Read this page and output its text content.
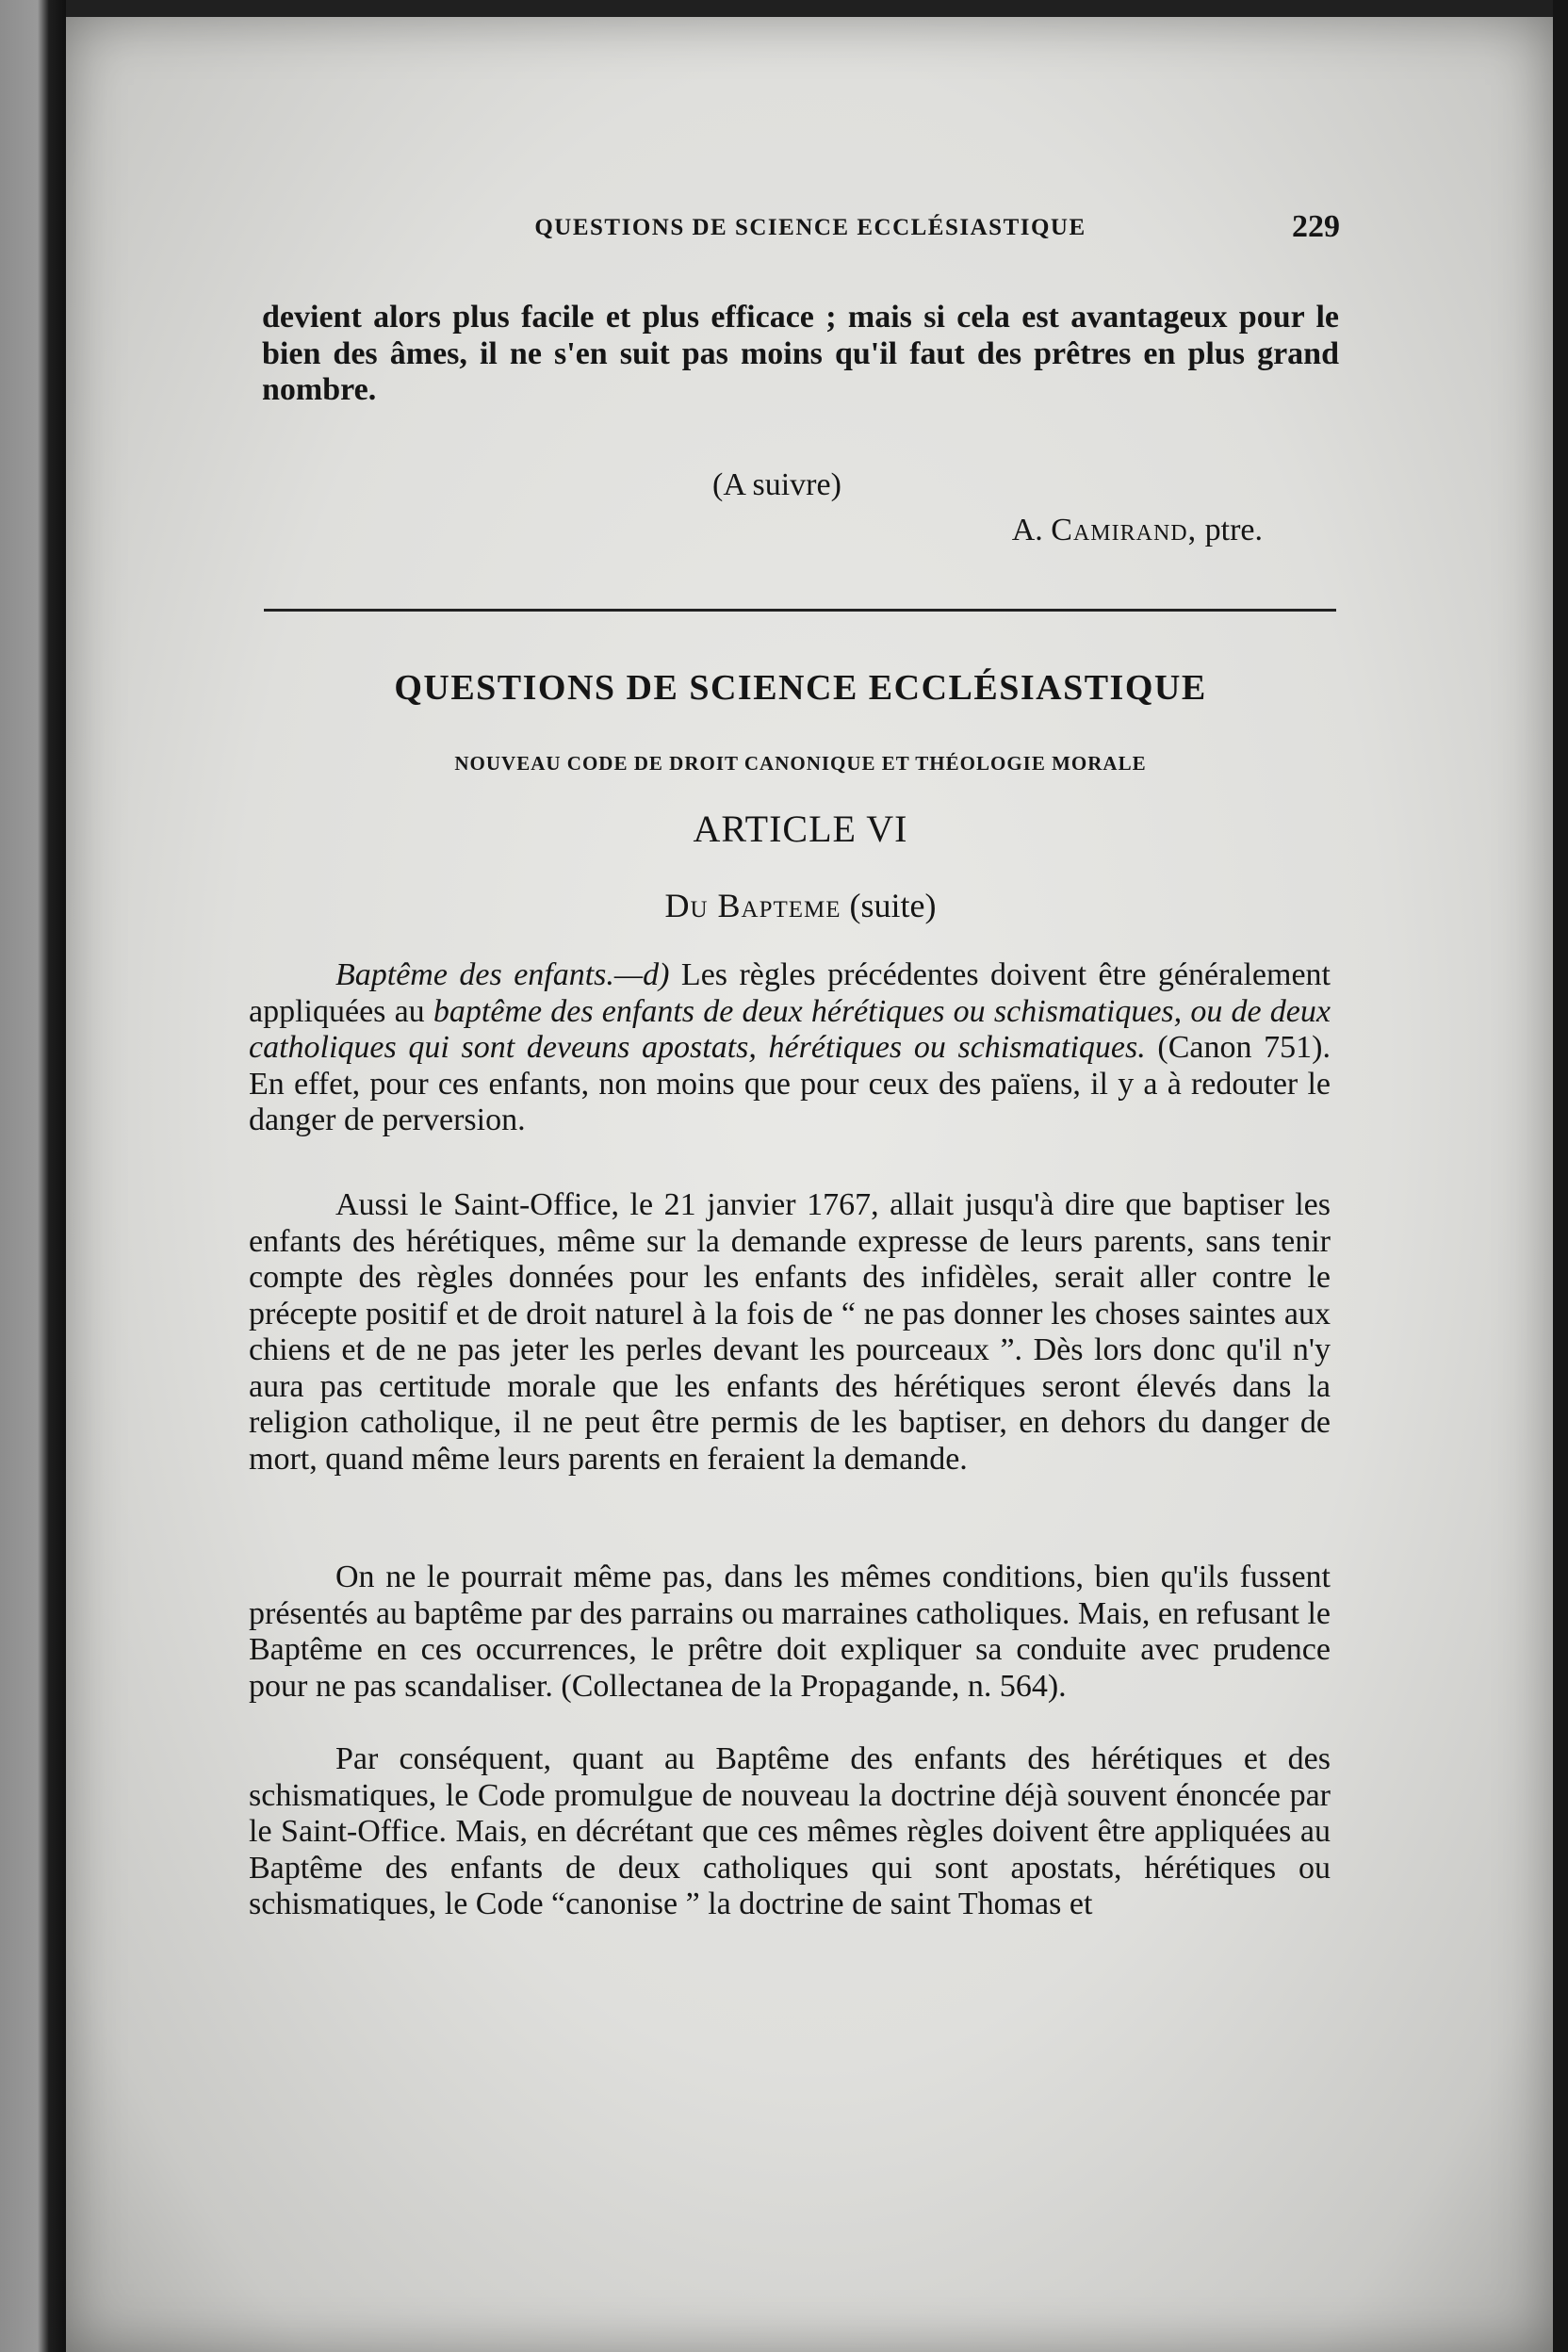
QUESTIONS DE SCIENCE ECCLÉSIASTIQUE	229

devient alors plus facile et plus efficace ; mais si cela est avantageux pour le bien des âmes, il ne s'en suit pas moins qu'il faut des prêtres en plus grand nombre.

(A suivre)
A. Camirand, ptre.
QUESTIONS DE SCIENCE ECCLÉSIASTIQUE
NOUVEAU CODE DE DROIT CANONIQUE ET THÉOLOGIE MORALE
ARTICLE VI
Du Bapteme (suite)

Baptême des enfants.—d) Les règles précédentes doivent être généralement appliquées au baptême des enfants de deux hérétiques ou schismatiques, ou de deux catholiques qui sont deveuns apostats, hérétiques ou schismatiques. (Canon 751). En effet, pour ces enfants, non moins que pour ceux des païens, il y a à redouter le danger de perversion.

Aussi le Saint-Office, le 21 janvier 1767, allait jusqu'à dire que baptiser les enfants des hérétiques, même sur la demande expresse de leurs parents, sans tenir compte des règles données pour les enfants des infidèles, serait aller contre le précepte positif et de droit naturel à la fois de “ ne pas donner les choses saintes aux chiens et de ne pas jeter les perles devant les pourceaux ”. Dès lors donc qu'il n'y aura pas certitude morale que les enfants des hérétiques seront élevés dans la religion catholique, il ne peut être permis de les baptiser, en dehors du danger de mort, quand même leurs parents en feraient la demande.

On ne le pourrait même pas, dans les mêmes conditions, bien qu'ils fussent présentés au baptême par des parrains ou marraines catholiques. Mais, en refusant le Baptême en ces occurrences, le prêtre doit expliquer sa conduite avec prudence pour ne pas scandaliser. (Collectanea de la Propagande, n. 564).

Par conséquent, quant au Baptême des enfants des hérétiques et des schismatiques, le Code promulgue de nouveau la doctrine déjà souvent énoncée par le Saint-Office. Mais, en décrétant que ces mêmes règles doivent être appliquées au Baptême des enfants de deux catholiques qui sont apostats, hérétiques ou schismatiques, le Code “canonise ” la doctrine de saint Thomas et
